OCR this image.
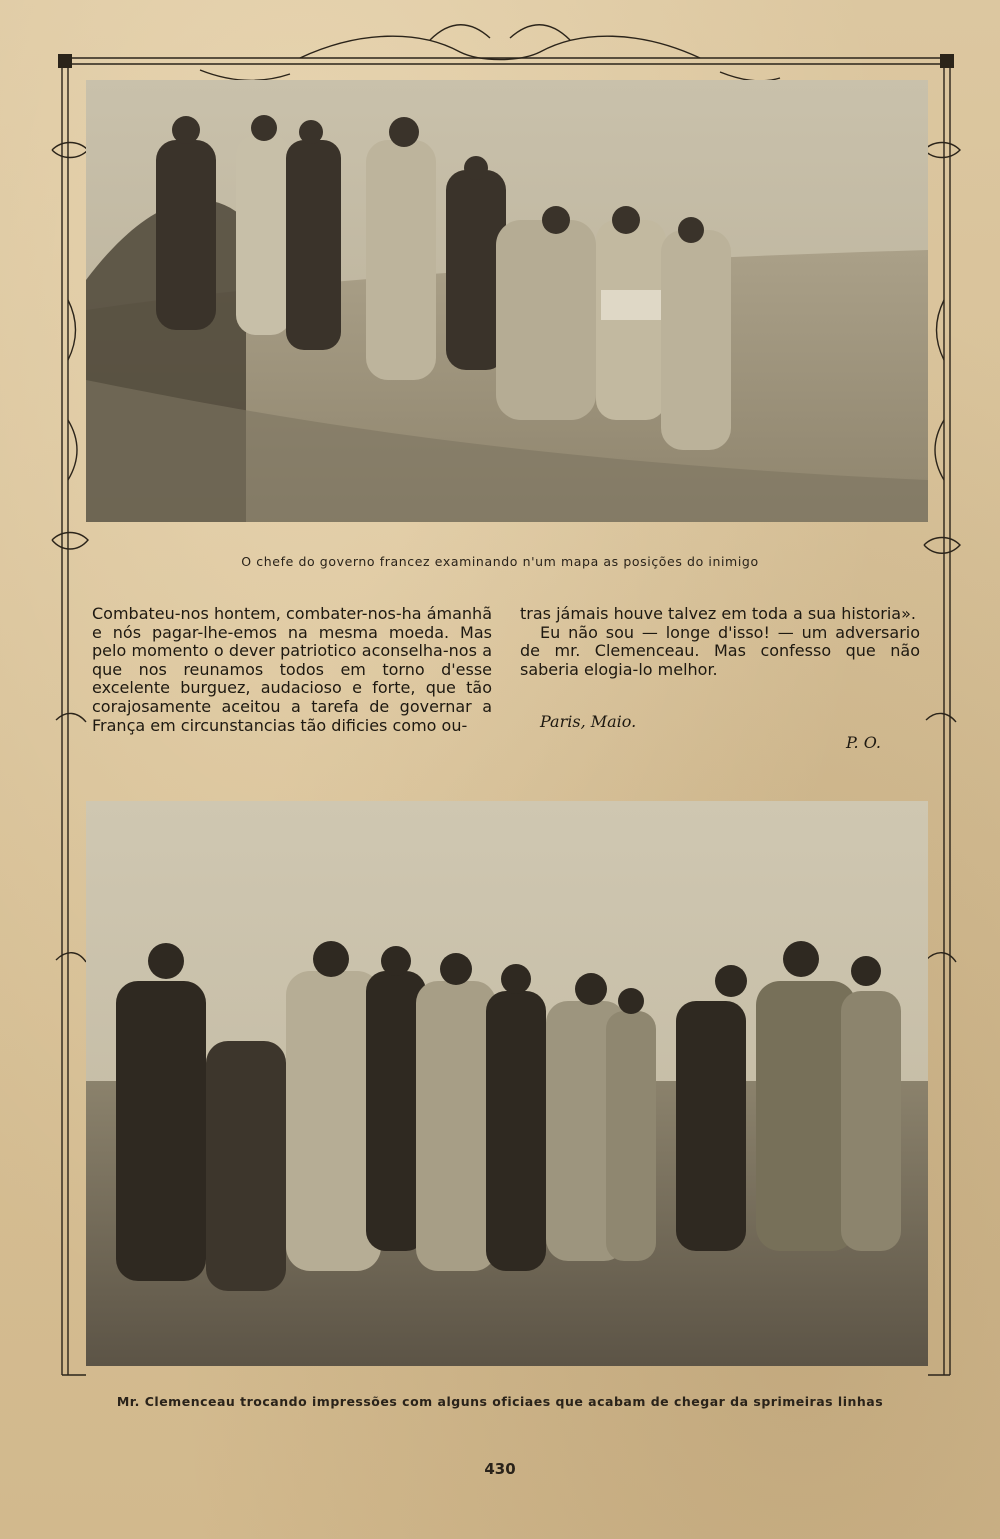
O chefe do governo francez examinando n'um mapa as posições do inimigo

Combateu-nos hontem, combater-nos-ha ámanhã e nós pagar-lhe-emos na mesma moeda. Mas pelo momento o dever patriotico aconselha-nos a que nos reunamos todos em torno d'esse excelente burguez, audacioso e forte, que tão corajosamente aceitou a tarefa de governar a França em circunstancias tão dificies como ou-

tras jámais houve talvez em toda a sua historia».

Eu não sou — longe d'isso! — um adversario de mr. Clemenceau. Mas confesso que não saberia elogia-lo melhor.

Paris, Maio.
P. O.
Mr. Clemenceau trocando impressões com alguns oficiaes que acabam de chegar da sprimeiras linhas
430
